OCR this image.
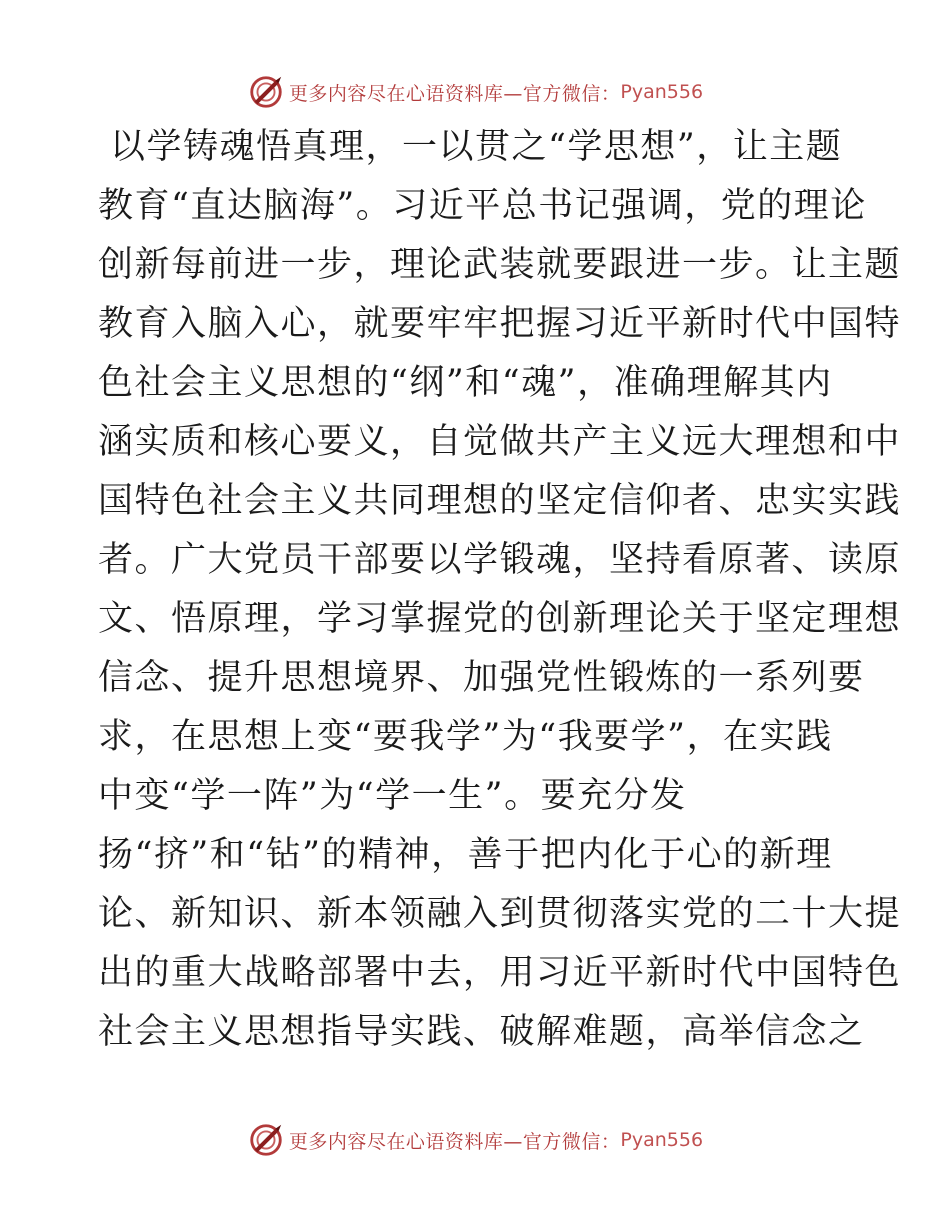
更多内容尽在心语资料库—官方微信： Pyan556
以学铸魂悟真理，一以贯之“学思想”，让主题
教育“直达脑海”。习近平总书记强调，党的理论
创新每前进一步，理论武装就要跟进一步。让主题
教育入脑入心，就要牢牢把握习近平新时代中国特
色社会主义思想的“纲”和“魂”，准确理解其内
涵实质和核心要义，自觉做共产主义远大理想和中
国特色社会主义共同理想的坚定信仰者、忠实实践
者。广大党员干部要以学锻魂，坚持看原著、读原
文、悟原理，学习掌握党的创新理论关于坚定理想
信念、提升思想境界、加强党性锻炼的一系列要
求，在思想上变“要我学”为“我要学”，在实践
中变“学一阵”为“学一生”。要充分发
扬“挤”和“钻”的精神，善于把内化于心的新理
论、新知识、新本领融入到贯彻落实党的二十大提
出的重大战略部署中去，用习近平新时代中国特色
社会主义思想指导实践、破解难题，高举信念之
更多内容尽在心语资料库—官方微信： Pyan556
